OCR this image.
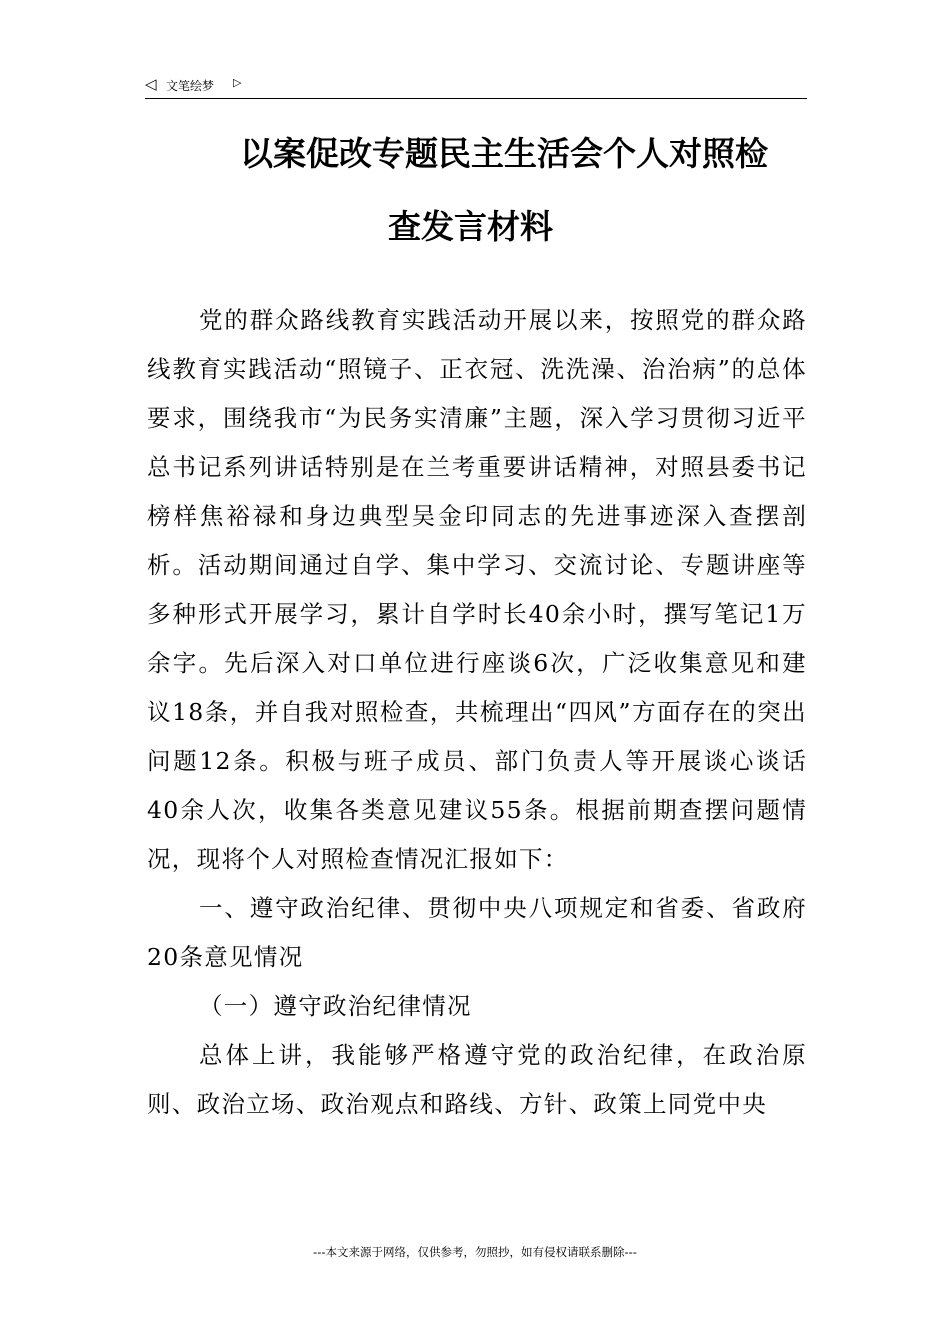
◁ 文笔绘梦 ▷
以案促改专题民主生活会个人对照检
查发言材料

党的群众路线教育实践活动开展以来，按照党的群众路线教育实践活动“照镜子、正衣冠、洗洗澡、治治病”的总体要求，围绕我市“为民务实清廉”主题，深入学习贯彻习近平总书记系列讲话特别是在兰考重要讲话精神，对照县委书记榜样焦裕禄和身边典型吴金印同志的先进事迹深入查摆剖析。活动期间通过自学、集中学习、交流讨论、专题讲座等多种形式开展学习，累计自学时长40余小时，撰写笔记1万余字。先后深入对口单位进行座谈6次，广泛收集意见和建议18条，并自我对照检查，共梳理出“四风”方面存在的突出问题12条。积极与班子成员、部门负责人等开展谈心谈话40余人次，收集各类意见建议55条。根据前期查摆问题情况，现将个人对照检查情况汇报如下：

一、遵守政治纪律、贯彻中央八项规定和省委、省政府20条意见情况

（一）遵守政治纪律情况

总体上讲，我能够严格遵守党的政治纪律，在政治原则、政治立场、政治观点和路线、方针、政策上同党中央

---本文来源于网络，仅供参考，勿照抄，如有侵权请联系删除---
